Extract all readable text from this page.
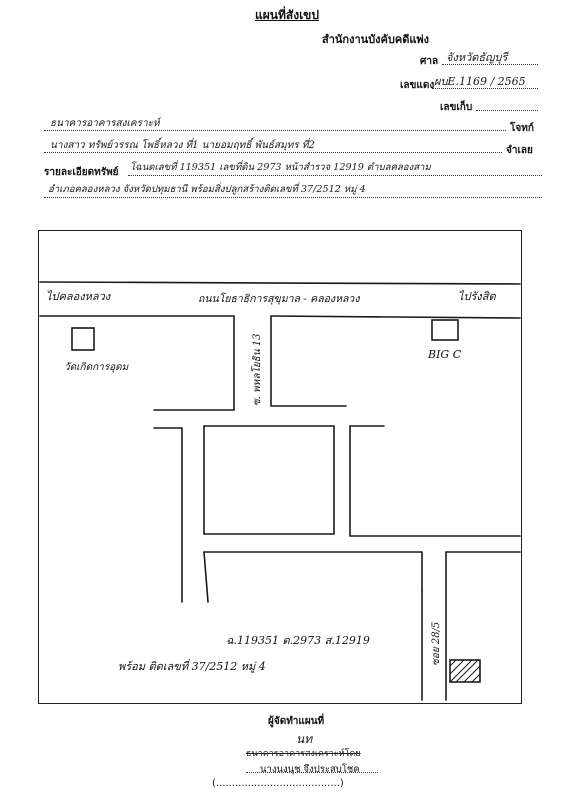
แผนที่สังเขป
สำนักงานบังคับคดีแพ่ง
ศาล จังหวัดธัญบุรี
เลขแดง ผบE.1169 / 2565
เลขเก็บ
ธนาคารอาคารสงเคราะห์	โจทก์
นางสาว ทรัพย์วรรณ โพธิ์หลวง ที่1 นายอมฤทธิ์ พันธ์สมุทร ที่2	จำเลย
รายละเอียดทรัพย์ โฉนดเลขที่ 119351 เลขที่ดิน 2973 หน้าสำรวจ 12919 ตำบลคลองสาม
อำเภอคลองหลวง จังหวัดปทุมธานี พร้อมสิ่งปลูกสร้างติดเลขที่ 37/2512 หมู่ 4
ไปคลองหลวง	ถนนโยธาธิการสุขุมาล - คลองหลวง	ไปรังสิต
วัดเกิดการอุดม
BIG C
ซ. พหลโยธิน 13
ซอย 28/5
ฉ.119351 ด.2973 ส.12919
พร้อม ติดเลขที่ 37/2512 หมู่ 4
ผู้จัดทำแผนที่
นท
ธนาคารอาคารสงเคราะห์โดย
นางนงนุช จึงประสบโชค
(.......................................)
